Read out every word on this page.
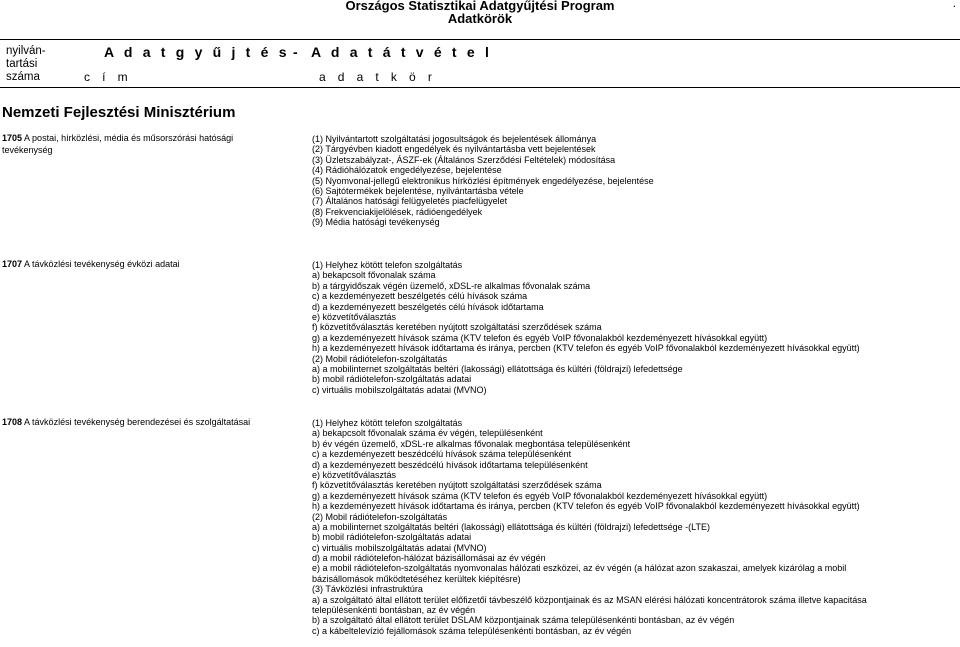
Országos Statisztikai Adatgyűjtési Program
Adatkörök
.
nyilván-
tartási
száma
A d a t g y ű j t é s - A d a t á t v é t e l
c í m	a d a t k ö r
Nemzeti Fejlesztési Minisztérium
1705 A postai, hírközlési, média és műsorszórási hatósági tevékenység
(1) Nyilvántartott szolgáltatási jogosultságok és bejelentések állománya
(2) Tárgyévben kiadott engedélyek és nyilvántartásba vett bejelentések
(3) Üzletszabályzat-, ÁSZF-ek (Általános Szerződési Feltételek) módosítása
(4) Rádióhálózatok engedélyezése, bejelentése
(5) Nyomvonal-jellegű elektronikus hírközlési építmények engedélyezése, bejelentése
(6) Sajtótermékek bejelentése, nyilvántartásba vétele
(7) Általános hatósági felügyeletés piacfelügyelet
(8) Frekvenciakijelölések, rádióengedélyek
(9) Média hatósági tevékenység
1707 A távközlési tevékenység évközi adatai	(1) Helyhez kötött telefon szolgáltatás
a) bekapcsolt fővonalak száma
b) a tárgyidőszak végén üzemelő, xDSL-re alkalmas fővonalak száma
c) a kezdeményezett beszélgetés célú hívások száma
d) a kezdeményezett beszélgetés célú hívások időtartama
e) közvetítőválasztás
f) közvetítőválasztás keretében nyújtott szolgáltatási szerződések száma
g) a kezdeményezett hívások száma (KTV telefon és egyéb VoIP fővonalakból kezdeményezett hívásokkal együtt)
h) a kezdeményezett hívások időtartama és iránya, percben (KTV telefon és egyéb VoIP fővonalakból kezdeményezett hívásokkal együtt)
(2) Mobil rádiótelefon-szolgáltatás
a) a mobilinternet szolgáltatás beltéri (lakossági) ellátottsága és kültéri (földrajzi) lefedettsége
b) mobil rádiótelefon-szolgáltatás adatai
c) virtuális mobilszolgáltatás adatai (MVNO)
1708 A távközlési tevékenység berendezései és szolgáltatásai	(1) Helyhez kötött telefon szolgáltatás
a) bekapcsolt fővonalak száma év végén, településenként
b) év végén üzemelő, xDSL-re alkalmas fővonalak megbontása településenként
c) a kezdeményezett beszédcélú hívások száma településenként
d) a kezdeményezett beszédcélú hívások időtartama településenként
e) közvetítőválasztás
f) közvetítőválasztás keretében nyújtott szolgáltatási szerződések száma
g) a kezdeményezett hívások száma (KTV telefon és egyéb VoIP fővonalakból kezdeményezett hívásokkal együtt)
h) a kezdeményezett hívások időtartama és iránya, percben (KTV telefon és egyéb VoIP fővonalakból kezdeményezett hívásokkal együtt)
(2) Mobil rádiótelefon-szolgáltatás
a) a mobilinternet szolgáltatás beltéri (lakossági) ellátottsága és kültéri (földrajzi) lefedettsége -(LTE)
b) mobil rádiótelefon-szolgáltatás adatai
c) virtuális mobilszolgáltatás adatai (MVNO)
d) a mobil rádiótelefon-hálózat bázisállomásai az év végén
e) a mobil rádiótelefon-szolgáltatás nyomvonalas hálózati eszközei, az év végén (a hálózat azon szakaszai, amelyek kizárólag a mobil
bázisállomások működtetéséhez kerültek kiépítésre)
(3) Távközlési infrastruktúra
a) a szolgáltató által ellátott terület előfizetői távbeszélő központjainak és az MSAN elérési hálózati koncentrátorok száma illetve kapacitása
településenkénti bontásban, az év végén
b) a szolgáltató által ellátott terület DSLAM központjainak száma településenkénti bontásban, az év végén
c) a kábeltelevízió fejállomások száma településenkénti bontásban, az év végén
